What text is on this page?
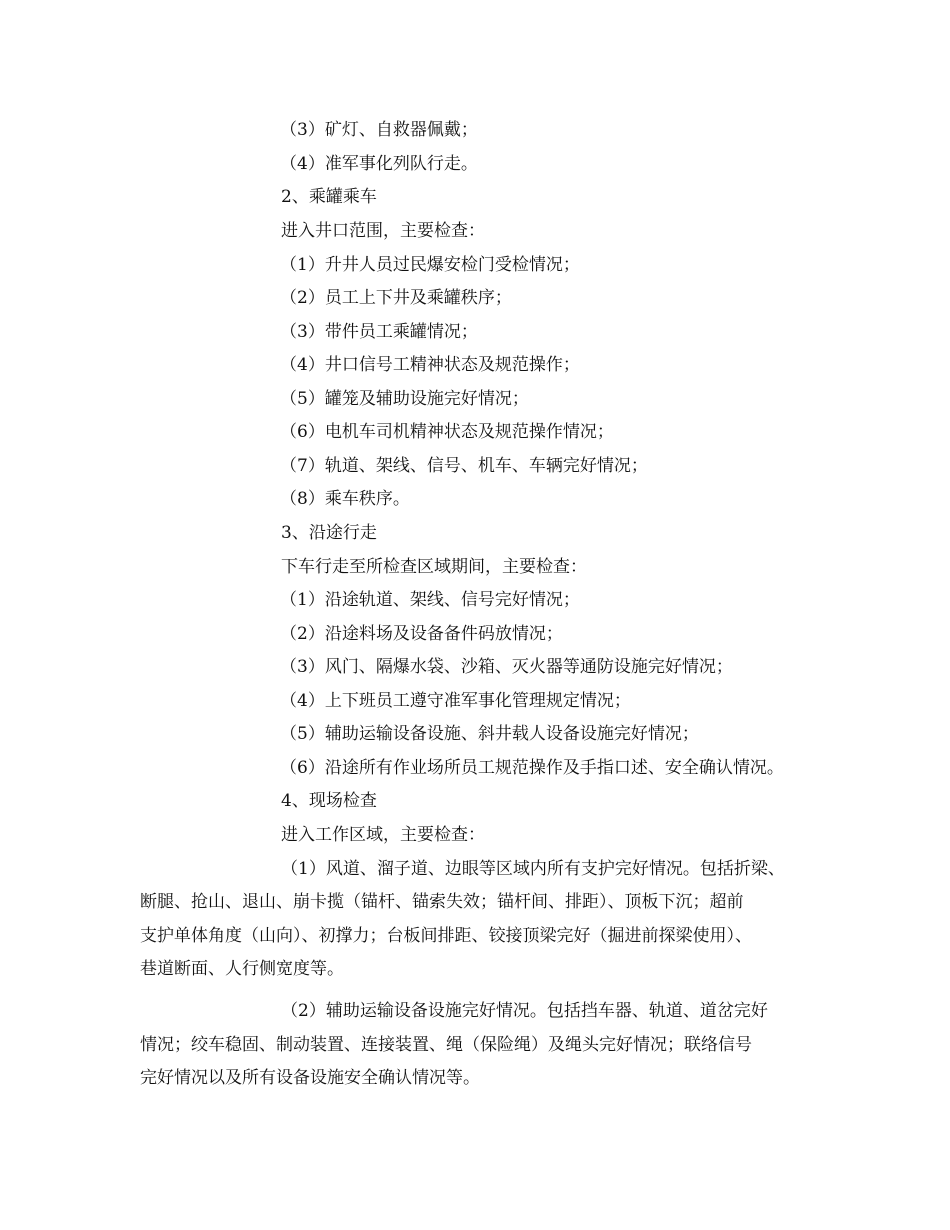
（3）矿灯、自救器佩戴；
（4）准军事化列队行走。
2、乘罐乘车
进入井口范围，主要检查：
（1）升井人员过民爆安检门受检情况；
（2）员工上下井及乘罐秩序；
（3）带件员工乘罐情况；
（4）井口信号工精神状态及规范操作；
（5）罐笼及辅助设施完好情况；
（6）电机车司机精神状态及规范操作情况；
（7）轨道、架线、信号、机车、车辆完好情况；
（8）乘车秩序。
3、沿途行走
下车行走至所检查区域期间，主要检查：
（1）沿途轨道、架线、信号完好情况；
（2）沿途料场及设备备件码放情况；
（3）风门、隔爆水袋、沙箱、灭火器等通防设施完好情况；
（4）上下班员工遵守准军事化管理规定情况；
（5）辅助运输设备设施、斜井载人设备设施完好情况；
（6）沿途所有作业场所员工规范操作及手指口述、安全确认情况。
4、现场检查
进入工作区域，主要检查：
（1）风道、溜子道、边眼等区域内所有支护完好情况。包括折梁、
断腿、抢山、退山、崩卡揽（锚杆、锚索失效；锚杆间、排距）、顶板下沉；超前
支护单体角度（山向）、初撑力；台板间排距、铰接顶梁完好（掘进前探梁使用）、
巷道断面、人行侧宽度等。
（2）辅助运输设备设施完好情况。包括挡车器、轨道、道岔完好
情况；绞车稳固、制动装置、连接装置、绳（保险绳）及绳头完好情况；联络信号
完好情况以及所有设备设施安全确认情况等。
